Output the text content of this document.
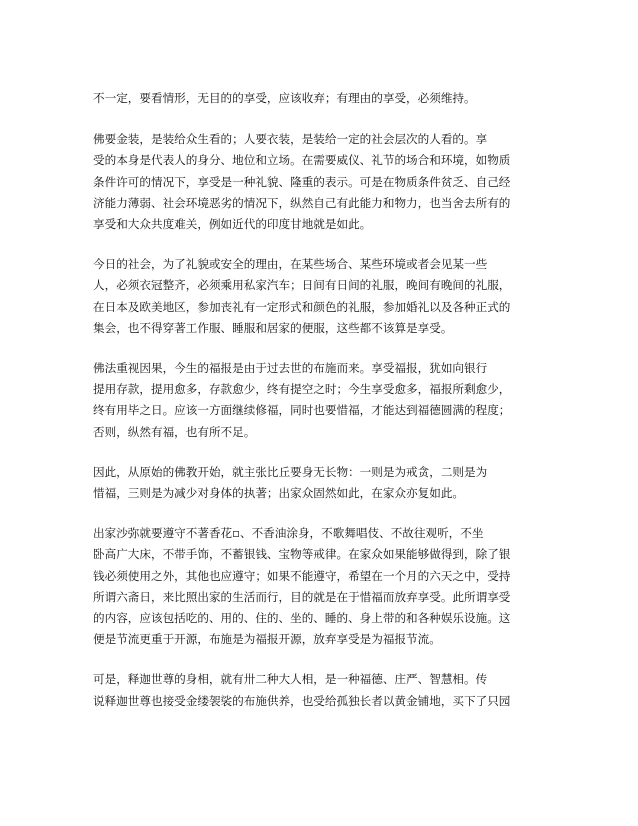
不一定，要看情形，无目的的享受，应该收弃；有理由的享受，必须维持。

佛要金装，是装给众生看的；人要衣装，是装给一定的社会层次的人看的。享
受的本身是代表人的身分、地位和立场。在需要威仪、礼节的场合和环境，如物质
条件许可的情况下，享受是一种礼貌、隆重的表示。可是在物质条件贫乏、自己经
济能力薄弱、社会环境恶劣的情况下，纵然自己有此能力和物力，也当舍去所有的
享受和大众共度难关，例如近代的印度甘地就是如此。

今日的社会，为了礼貌或安全的理由，在某些场合、某些环境或者会见某一些
人，必须衣冠整齐，必须乘用私家汽车；日间有日间的礼服，晚间有晚间的礼服，
在日本及欧美地区，参加丧礼有一定形式和颜色的礼服，参加婚礼以及各种正式的
集会，也不得穿著工作服、睡服和居家的便服，这些都不该算是享受。

佛法重视因果，今生的福报是由于过去世的布施而来。享受福报，犹如向银行
提用存款，提用愈多，存款愈少，终有提空之时；今生享受愈多，福报所剩愈少，
终有用毕之日。应该一方面继续修福，同时也要惜福，才能达到福德圆满的程度；
否则，纵然有福，也有所不足。

因此，从原始的佛教开始，就主张比丘要身无长物：一则是为戒贪，二则是为
惜福，三则是为减少对身体的执著；出家众固然如此，在家众亦复如此。

出家沙弥就要遵守不著香花▫、不香油涂身，不歌舞唱伎、不故往观听，不坐
卧高广大床，不带手饰，不蓄银钱、宝物等戒律。在家众如果能够做得到，除了银
钱必须使用之外，其他也应遵守；如果不能遵守，希望在一个月的六天之中，受持
所谓六斋日，来比照出家的生活而行，目的就是在于惜福而放弃享受。此所谓享受
的内容，应该包括吃的、用的、住的、坐的、睡的、身上带的和各种娱乐设施。这
便是节流更重于开源，布施是为福报开源，放弃享受是为福报节流。

可是，释迦世尊的身相，就有卅二种大人相，是一种福德、庄严、智慧相。传
说释迦世尊也接受金缕袈裟的布施供养，也受给孤独长者以黄金铺地，买下了只园
